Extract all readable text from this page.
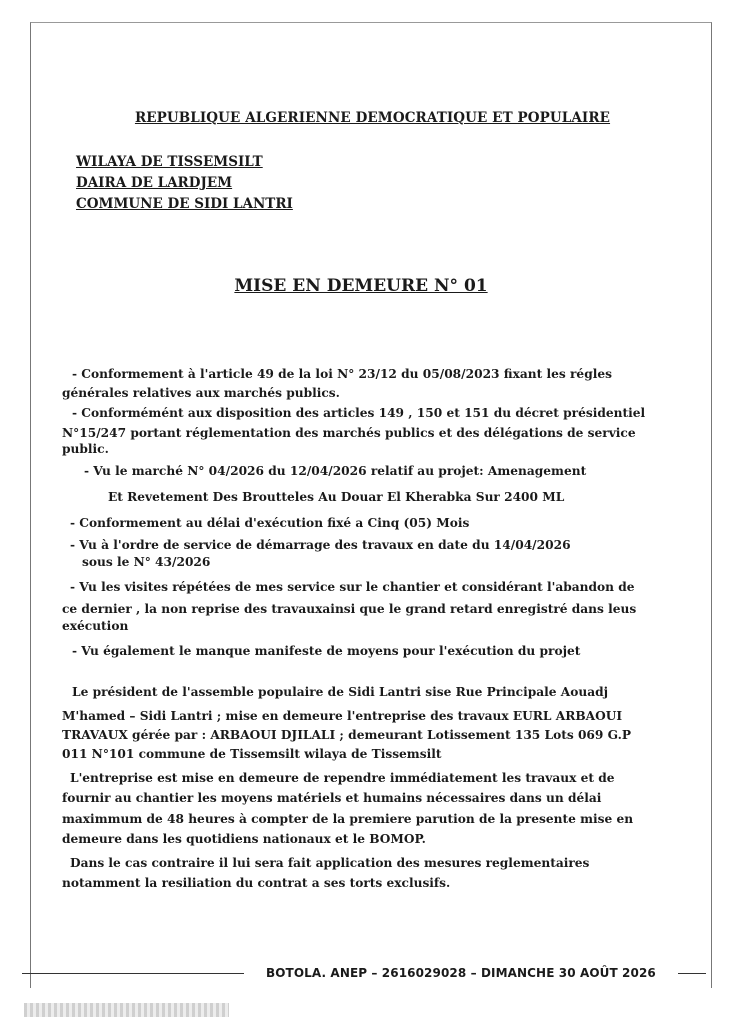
REPUBLIQUE ALGERIENNE DEMOCRATIQUE ET POPULAIRE
WILAYA DE TISSEMSILT
DAIRA DE LARDJEM
COMMUNE DE SIDI LANTRI
MISE EN DEMEURE N° 01
- Conformement à l'article 49 de la loi N° 23/12 du 05/08/2023 fixant les régles
générales relatives aux marchés publics.
- Conformémént aux disposition des articles 149 , 150 et 151 du décret présidentiel
N°15/247 portant réglementation des marchés publics et des délégations de service
public.
- Vu le marché N° 04/2026 du 12/04/2026 relatif au projet: Amenagement
Et Revetement Des Broutteles Au Douar El Kherabka Sur 2400 ML
- Conformement au délai d'exécution fixé a Cinq (05) Mois
- Vu à l'ordre de service de démarrage des travaux en date du 14/04/2026
sous le N° 43/2026
- Vu les visites répétées de mes service sur le chantier et considérant l'abandon de
ce dernier , la non reprise des travauxainsi que le grand retard enregistré dans leus
exécution
- Vu également le manque manifeste de moyens pour l'exécution du projet
Le président de l'assemble populaire de Sidi Lantri sise Rue Principale Aouadj
M'hamed – Sidi Lantri ; mise en demeure l'entreprise des travaux EURL ARBAOUI
TRAVAUX gérée par : ARBAOUI DJILALI ; demeurant Lotissement 135 Lots 069 G.P
011 N°101 commune de Tissemsilt wilaya de Tissemsilt
L'entreprise est mise en demeure de rependre immédiatement les travaux et de
fournir au chantier les moyens matériels et humains nécessaires dans un délai
maximmum de 48 heures à compter de la premiere parution de la presente mise en
demeure dans les quotidiens nationaux et le BOMOP.
Dans le cas contraire il lui sera fait application des mesures reglementaires
notamment la resiliation du contrat a ses torts exclusifs.
BOTOLA. ANEP – 2616029028 – DIMANCHE 30 AOÛT 2026
